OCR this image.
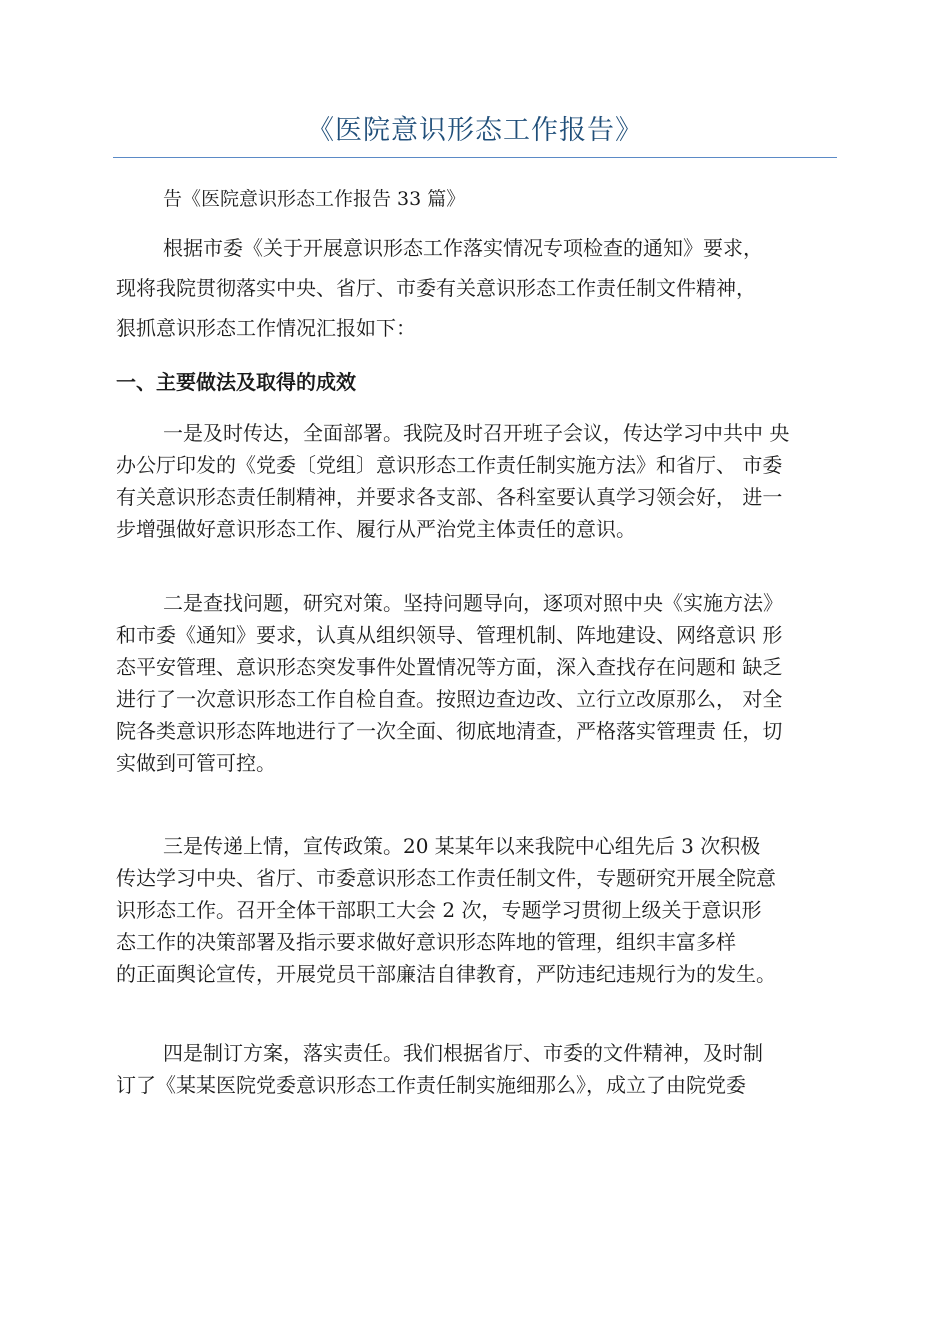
《医院意识形态工作报告》
告《医院意识形态工作报告 33 篇》
根据市委《关于开展意识形态工作落实情况专项检查的通知》要求，
现将我院贯彻落实中央、省厅、市委有关意识形态工作责任制文件精神，
狠抓意识形态工作情况汇报如下：
一、主要做法及取得的成效
一是及时传达，全面部署。我院及时召开班子会议，传达学习中共中 央
办公厅印发的《党委〔党组〕意识形态工作责任制实施方法》和省厅、 市委
有关意识形态责任制精神，并要求各支部、各科室要认真学习领会好， 进一
步增强做好意识形态工作、履行从严治党主体责任的意识。
二是查找问题，研究对策。坚持问题导向，逐项对照中央《实施方法》
和市委《通知》要求，认真从组织领导、管理机制、阵地建设、网络意识 形
态平安管理、意识形态突发事件处置情况等方面，深入查找存在问题和 缺乏
进行了一次意识形态工作自检自查。按照边查边改、立行立改原那么， 对全
院各类意识形态阵地进行了一次全面、彻底地清查，严格落实管理责 任，切
实做到可管可控。
三是传递上情，宣传政策。20 某某年以来我院中心组先后 3 次积极
传达学习中央、省厅、市委意识形态工作责任制文件，专题研究开展全院意
识形态工作。召开全体干部职工大会 2 次，专题学习贯彻上级关于意识形
态工作的决策部署及指示要求做好意识形态阵地的管理，组织丰富多样
的正面舆论宣传，开展党员干部廉洁自律教育，严防违纪违规行为的发生。
四是制订方案，落实责任。我们根据省厅、市委的文件精神，及时制
订了《某某医院党委意识形态工作责任制实施细那么》，成立了由院党委
